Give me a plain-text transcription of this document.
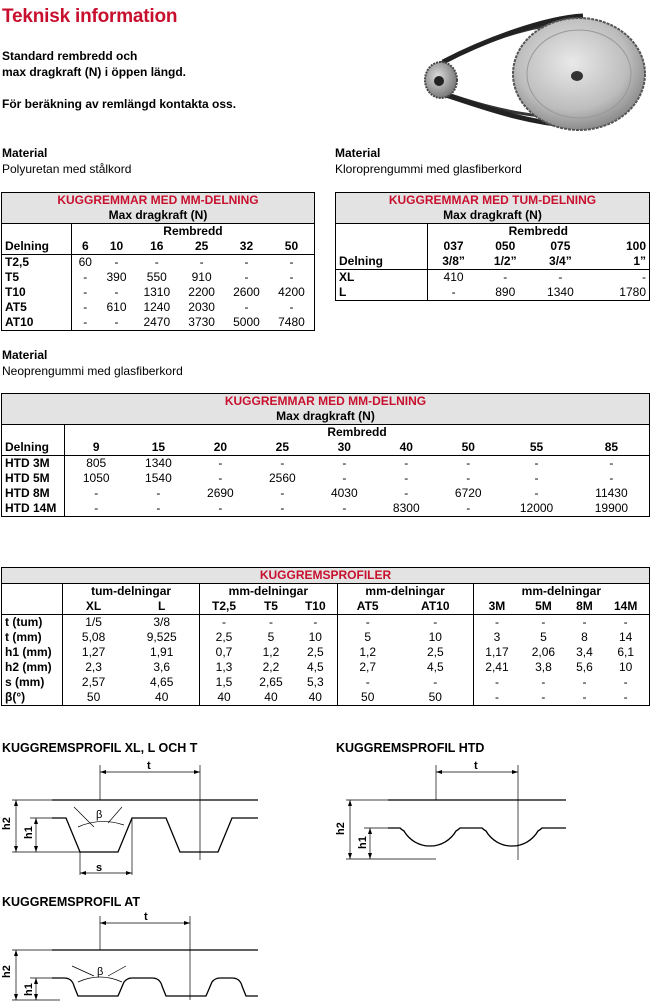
Teknisk information
Standard rembredd och
max dragkraft (N) i öppen längd.
För beräkning av remlängd kontakta oss.
Material
Polyuretan med stålkord
Material
Kloroprengummi med glasfiberkord
KUGGREMMAR MED MM-DELNING						
Max dragkraft (N)						
	Rembredd					
Delning	6	10	16	25	32	50
T2,5	60	-	-	-	-	-
T5	-	390	550	910	-	-
T10	-	-	1310	2200	2600	4200
AT5	-	610	1240	2030	-	-
AT10	-	-	2470	3730	5000	7480
KUGGREMMAR MED TUM-DELNING				
Max dragkraft (N)				
	Rembredd			
	037	050	075	100
Delning	3/8”	1/2”	3/4”	1”
XL	410	-	-	-
L	-	890	1340	1780
Material
Neoprengummi med glasfiberkord
KUGGREMMAR MED MM-DELNING									
Max dragkraft (N)									
	Rembredd								
Delning	9	15	20	25	30	40	50	55	85
HTD 3M	805	1340	-	-	-	-	-	-	-
HTD 5M	1050	1540	-	2560	-	-	-	-	-
HTD 8M	-	-	2690	-	4030	-	6720	-	11430
HTD 14M	-	-	-	-	-	8300	-	12000	19900
KUGGREMSPROFILER											
	tum-delningar		mm-delningar			mm-delningar		mm-delningar			
	XL	L	T2,5	T5	T10	AT5	AT10	3M	5M	8M	14M
t (tum)	1/5	3/8	-	-	-	-	-	-	-	-	-
t (mm)	5,08	9,525	2,5	5	10	5	10	3	5	8	14
h1 (mm)	1,27	1,91	0,7	1,2	2,5	1,2	2,5	1,17	2,06	3,4	6,1
h2 (mm)	2,3	3,6	1,3	2,2	4,5	2,7	4,5	2,41	3,8	5,6	10
s (mm)	2,57	4,65	1,5	2,65	5,3	-	-	-	-	-	-
β(°)	50	40	40	40	40	50	50	-	-	-	-
KUGGREMSPROFIL XL, L OCH T	KUGGREMSPROFIL HTD
KUGGREMSPROFIL AT
t
h2
h1
s
β
t
h2
h1
t
h2
h1
β
